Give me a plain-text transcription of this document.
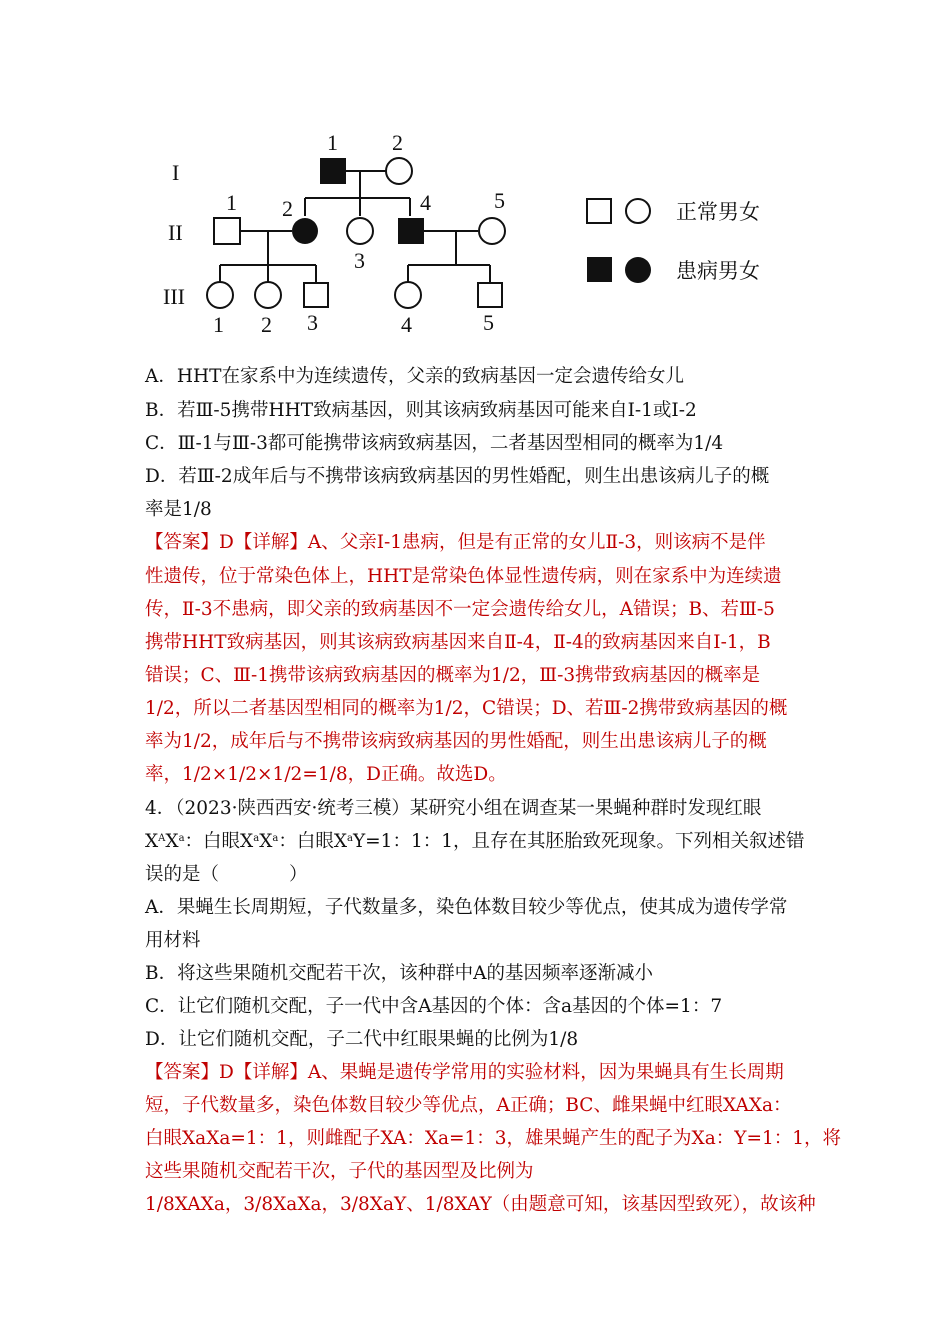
I
II
III
1 2
1 2
3
4	5
1 2 3	4	5
正常男女
患病男女
A．HHT在家系中为连续遗传，父亲的致病基因一定会遗传给女儿
B．若Ⅲ-5携带HHT致病基因，则其该病致病基因可能来自Ⅰ-1或Ⅰ-2
C．Ⅲ-1与Ⅲ-3都可能携带该病致病基因，二者基因型相同的概率为1/4
D．若Ⅲ-2成年后与不携带该病致病基因的男性婚配，则生出患该病儿子的概
率是1/8
【答案】D【详解】A、父亲Ⅰ-1患病，但是有正常的女儿Ⅱ-3，则该病不是伴
性遗传，位于常染色体上，HHT是常染色体显性遗传病，则在家系中为连续遗
传，Ⅱ-3不患病，即父亲的致病基因不一定会遗传给女儿，A错误；B、若Ⅲ-5
携带HHT致病基因，则其该病致病基因来自Ⅱ-4，Ⅱ-4的致病基因来自Ⅰ-1，B
错误；C、Ⅲ-1携带该病致病基因的概率为1/2，Ⅲ-3携带致病基因的概率是
1/2，所以二者基因型相同的概率为1/2，C错误；D、若Ⅲ-2携带致病基因的概
率为1/2，成年后与不携带该病致病基因的男性婚配，则生出患该病儿子的概
率，1/2×1/2×1/2=1/8，D正确。故选D。
4．（2023·陕西西安·统考三模）某研究小组在调查某一果蝇种群时发现红眼
$X^AX^a$：白眼$X^aX^a$：白眼$X^aY=1$：1：1，且存在其胚胎致死现象。下列相关叙述错
误的是（	）
A．果蝇生长周期短，子代数量多，染色体数目较少等优点，使其成为遗传学常
用材料
B．将这些果随机交配若干次，该种群中A的基因频率逐渐减小
C．让它们随机交配，子一代中含A基因的个体：含a基因的个体=1：7
D．让它们随机交配，子二代中红眼果蝇的比例为1/8
【答案】D【详解】A、果蝇是遗传学常用的实验材料，因为果蝇具有生长周期
短，子代数量多，染色体数目较少等优点，A正确；BC、雌果蝇中红眼XAXa：
白眼XaXa=1：1，则雌配子XA：Xa=1：3，雄果蝇产生的配子为Xa：Y=1：1，将
这些果随机交配若干次，子代的基因型及比例为
1/8XAXa，3/8XaXa，3/8XaY、1/8XAY（由题意可知，该基因型致死），故该种
